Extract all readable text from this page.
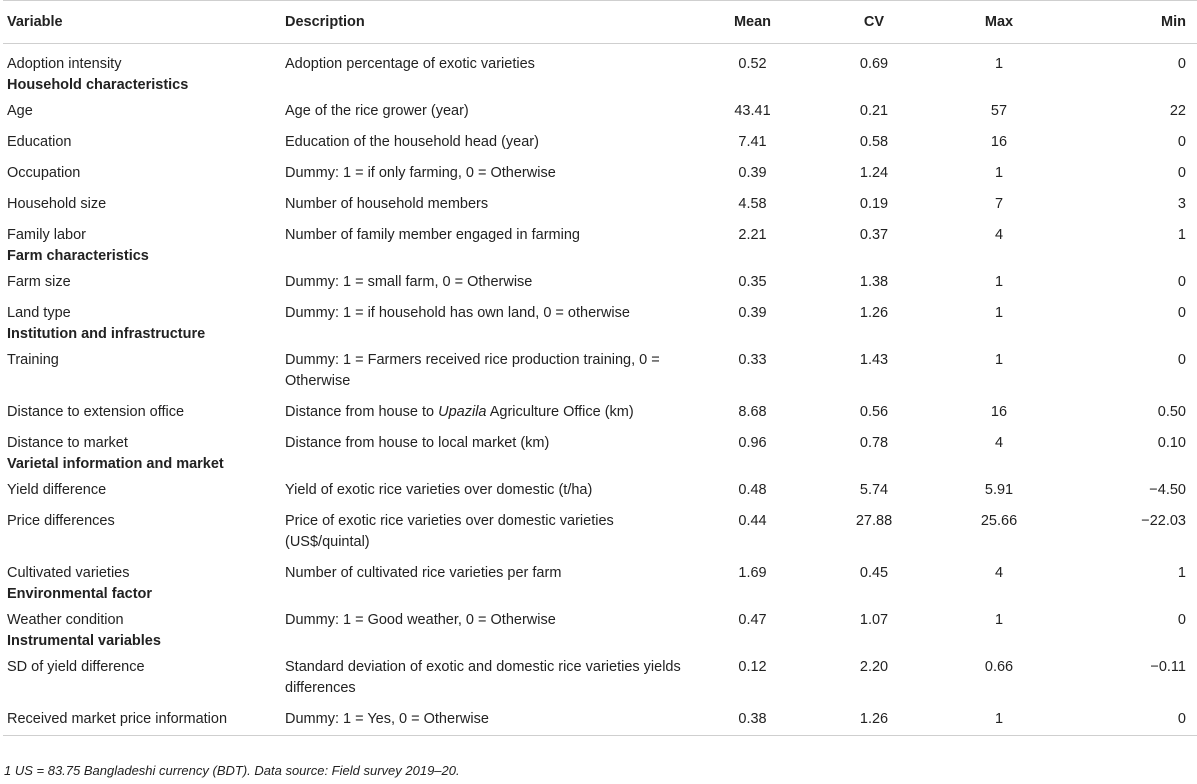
Variable	Description	Mean	CV	Max	Min
Adoption intensity	Adoption percentage of exotic varieties	0.52	0.69	1	0
Household characteristics					
Age	Age of the rice grower (year)	43.41	0.21	57	22
Education	Education of the household head (year)	7.41	0.58	16	0
Occupation	Dummy: 1 = if only farming, 0 = Otherwise	0.39	1.24	1	0
Household size	Number of household members	4.58	0.19	7	3
Family labor	Number of family member engaged in farming	2.21	0.37	4	1
Farm characteristics					
Farm size	Dummy: 1 = small farm, 0 = Otherwise	0.35	1.38	1	0
Land type	Dummy: 1 = if household has own land, 0 = otherwise	0.39	1.26	1	0
Institution and infrastructure					
Training	Dummy: 1 = Farmers received rice production training, 0 = Otherwise	0.33	1.43	1	0
Distance to extension office	Distance from house to Upazila Agriculture Office (km)	8.68	0.56	16	0.50
Distance to market	Distance from house to local market (km)	0.96	0.78	4	0.10
Varietal information and market					
Yield difference	Yield of exotic rice varieties over domestic (t/ha)	0.48	5.74	5.91	−4.50
Price differences	Price of exotic rice varieties over domestic varieties (US$/quintal)	0.44	27.88	25.66	−22.03
Cultivated varieties	Number of cultivated rice varieties per farm	1.69	0.45	4	1
Environmental factor					
Weather condition	Dummy: 1 = Good weather, 0 = Otherwise	0.47	1.07	1	0
Instrumental variables					
SD of yield difference	Standard deviation of exotic and domestic rice varieties yields differences	0.12	2.20	0.66	−0.11
Received market price information	Dummy: 1 = Yes, 0 = Otherwise	0.38	1.26	1	0
1 US = 83.75 Bangladeshi currency (BDT). Data source: Field survey 2019–20.
